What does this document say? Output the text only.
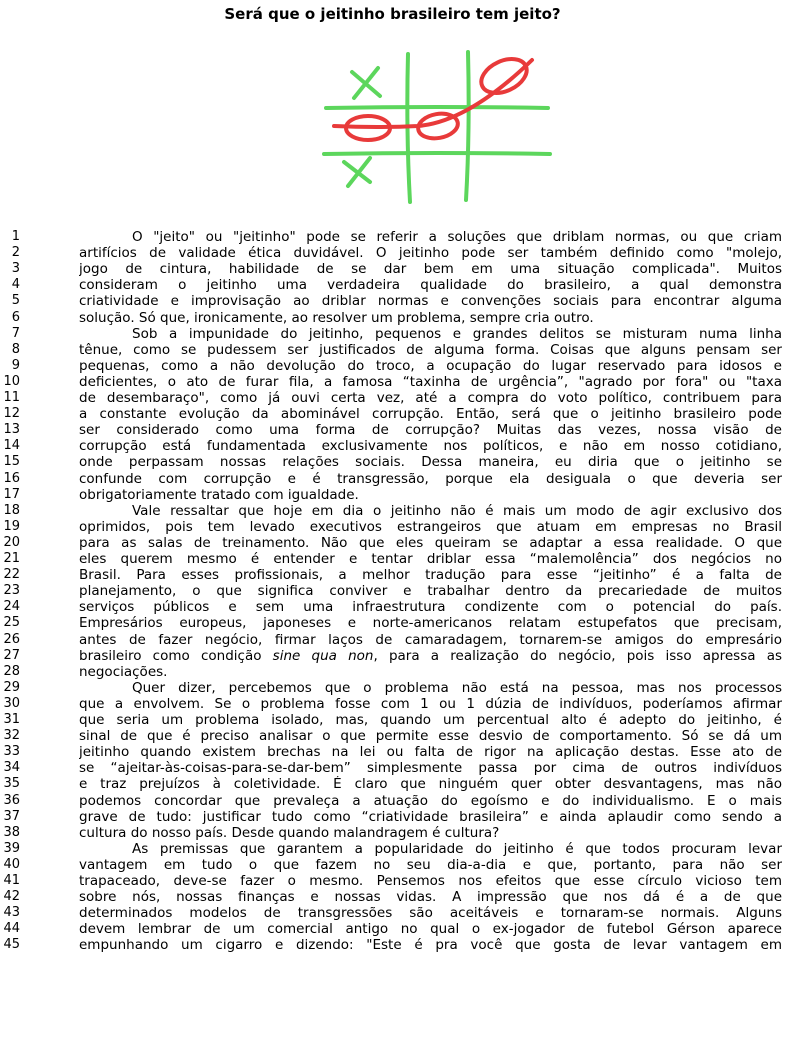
Será que o jeitinho brasileiro tem jeito?
1	O "jeito" ou "jeitinho" pode se referir a soluções que driblam normas, ou que criam
2	artifícios de validade ética duvidável. O jeitinho pode ser também definido como "molejo,
3	jogo de cintura, habilidade de se dar bem em uma situação complicada". Muitos
4	consideram o jeitinho uma verdadeira qualidade do brasileiro, a qual demonstra
5	criatividade e improvisação ao driblar normas e convenções sociais para encontrar alguma
6	solução. Só que, ironicamente, ao resolver um problema, sempre cria outro.
7	Sob a impunidade do jeitinho, pequenos e grandes delitos se misturam numa linha
8	tênue, como se pudessem ser justificados de alguma forma. Coisas que alguns pensam ser
9	pequenas, como a não devolução do troco, a ocupação do lugar reservado para idosos e
10	deficientes, o ato de furar fila, a famosa “taxinha de urgência”, "agrado por fora" ou "taxa
11	de desembaraço", como já ouvi certa vez, até a compra do voto político, contribuem para
12	a constante evolução da abominável corrupção. Então, será que o jeitinho brasileiro pode
13	ser considerado como uma forma de corrupção? Muitas das vezes, nossa visão de
14	corrupção está fundamentada exclusivamente nos políticos, e não em nosso cotidiano,
15	onde perpassam nossas relações sociais. Dessa maneira, eu diria que o jeitinho se
16	confunde com corrupção e é transgressão, porque ela desiguala o que deveria ser
17	obrigatoriamente tratado com igualdade.
18	Vale ressaltar que hoje em dia o jeitinho não é mais um modo de agir exclusivo dos
19	oprimidos, pois tem levado executivos estrangeiros que atuam em empresas no Brasil
20	para as salas de treinamento. Não que eles queiram se adaptar a essa realidade. O que
21	eles querem mesmo é entender e tentar driblar essa “malemolência” dos negócios no
22	Brasil. Para esses profissionais, a melhor tradução para esse “jeitinho” é a falta de
23	planejamento, o que significa conviver e trabalhar dentro da precariedade de muitos
24	serviços públicos e sem uma infraestrutura condizente com o potencial do país.
25	Empresários europeus, japoneses e norte-americanos relatam estupefatos que precisam,
26	antes de fazer negócio, firmar laços de camaradagem, tornarem-se amigos do empresário
27	brasileiro como condição sine qua non, para a realização do negócio, pois isso apressa as
28	negociações.
29	Quer dizer, percebemos que o problema não está na pessoa, mas nos processos
30	que a envolvem. Se o problema fosse com 1 ou 1 dúzia de indivíduos, poderíamos afirmar
31	que seria um problema isolado, mas, quando um percentual alto é adepto do jeitinho, é
32	sinal de que é preciso analisar o que permite esse desvio de comportamento. Só se dá um
33	jeitinho quando existem brechas na lei ou falta de rigor na aplicação destas. Esse ato de
34	se “ajeitar-às-coisas-para-se-dar-bem” simplesmente passa por cima de outros indivíduos
35	e traz prejuízos à coletividade. É claro que ninguém quer obter desvantagens, mas não
36	podemos concordar que prevaleça a atuação do egoísmo e do individualismo. E o mais
37	grave de tudo: justificar tudo como “criatividade brasileira” e ainda aplaudir como sendo a
38	cultura do nosso país. Desde quando malandragem é cultura?
39	As premissas que garantem a popularidade do jeitinho é que todos procuram levar
40	vantagem em tudo o que fazem no seu dia-a-dia e que, portanto, para não ser
41	trapaceado, deve-se fazer o mesmo. Pensemos nos efeitos que esse círculo vicioso tem
42	sobre nós, nossas finanças e nossas vidas. A impressão que nos dá é a de que
43	determinados modelos de transgressões são aceitáveis e tornaram-se normais. Alguns
44	devem lembrar de um comercial antigo no qual o ex-jogador de futebol Gérson aparece
45	empunhando um cigarro e dizendo: "Este é pra você que gosta de levar vantagem em
